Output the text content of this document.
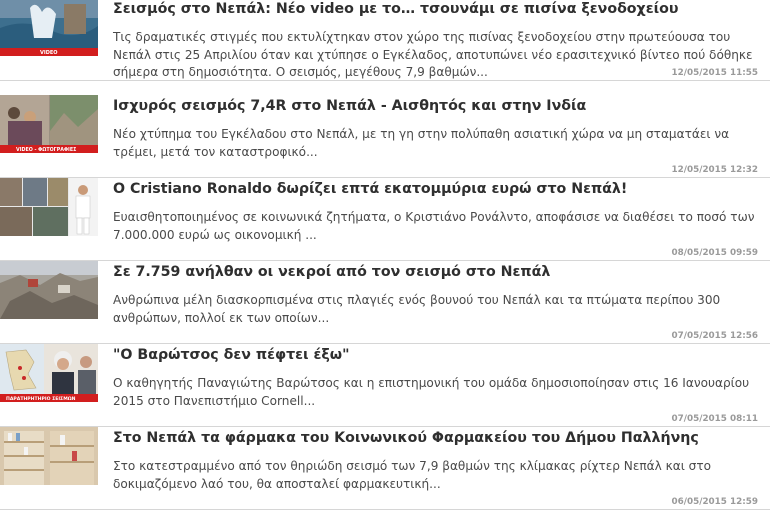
VIDEO
Σεισμός στο Νεπάλ: Νέο video με το… τσουνάμι σε πισίνα ξενοδοχείου

Τις δραματικές στιγμές που εκτυλίχτηκαν στον χώρο της πισίνας ξενοδοχείου στην πρωτεύουσα του Νεπάλ στις 25 Απριλίου όταν και χτύπησε ο Εγκέλαδος, αποτυπώνει νέο ερασιτεχνικό βίντεο πού δόθηκε σήμερα στη δημοσιότητα. Ο σεισμός, μεγέθους 7,9 βαθμών...	12/05/2015 11:55
VIDEO - ΦΩΤΟΓΡΑΦΙΕΣ
Ισχυρός σεισμός 7,4R στο Νεπάλ - Αισθητός και στην Ινδία

Νέο χτύπημα του Εγκέλαδου στο Νεπάλ, με τη γη στην πολύπαθη ασιατική χώρα να μη σταματάει να τρέμει, μετά τον καταστροφικό...

12/05/2015 12:32
Ο Cristiano Ronaldo δωρίζει επτά εκατομμύρια ευρώ στο Νεπάλ!

Ευαισθητοποιημένος σε κοινωνικά ζητήματα, ο Κριστιάνο Ρονάλντο, αποφάσισε να διαθέσει το ποσό των 7.000.000 ευρώ ως οικονομική ...

08/05/2015 09:59
Σε 7.759 ανήλθαν οι νεκροί από τον σεισμό στο Νεπάλ

Ανθρώπινα μέλη διασκορπισμένα στις πλαγιές ενός βουνού του Νεπάλ και τα πτώματα περίπου 300 ανθρώπων, πολλοί εκ των οποίων...

07/05/2015 12:56
ΠΑΡΑΤΗΡΗΤΗΡΙΟ ΣΕΙΣΜΩΝ
"Ο Βαρώτσος δεν πέφτει έξω"

Ο καθηγητής Παναγιώτης Βαρώτσος και η επιστημονική του ομάδα δημοσιοποίησαν στις 16 Ιανουαρίου 2015 στο Πανεπιστήμιο Cornell...

07/05/2015 08:11
Στο Νεπάλ τα φάρμακα του Κοινωνικού Φαρμακείου του Δήμου Παλλήνης

Στο κατεστραμμένο από τον θηριώδη σεισμό των 7,9 βαθμών της κλίμακας ρίχτερ Νεπάλ και στο δοκιμαζόμενο λαό του, θα αποσταλεί φαρμακευτική...

06/05/2015 12:59
